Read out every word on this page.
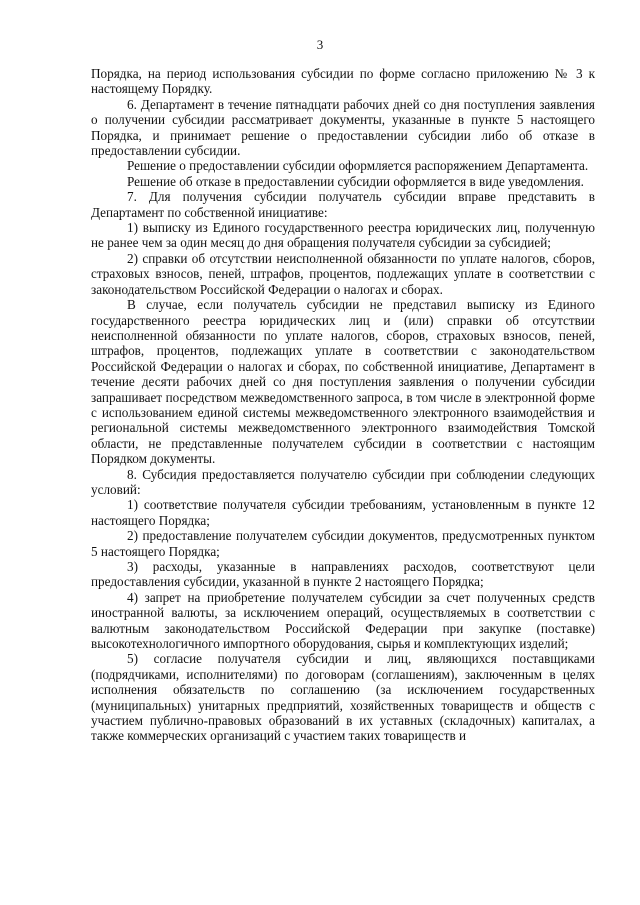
3

Порядка, на период использования субсидии по форме согласно приложению № 3 к настоящему Порядку.

6. Департамент в течение пятнадцати рабочих дней со дня поступления заявления о получении субсидии рассматривает документы, указанные в пункте 5 настоящего Порядка, и принимает решение о предоставлении субсидии либо об отказе в предоставлении субсидии.

Решение о предоставлении субсидии оформляется распоряжением Департамента.

Решение об отказе в предоставлении субсидии оформляется в виде уведомления.

7. Для получения субсидии получатель субсидии вправе представить в Департамент по собственной инициативе:

1) выписку из Единого государственного реестра юридических лиц, полученную не ранее чем за один месяц до дня обращения получателя субсидии за субсидией;

2) справки об отсутствии неисполненной обязанности по уплате налогов, сборов, страховых взносов, пеней, штрафов, процентов, подлежащих уплате в соответствии с законодательством Российской Федерации о налогах и сборах.

В случае, если получатель субсидии не представил выписку из Единого государственного реестра юридических лиц и (или) справки об отсутствии неисполненной обязанности по уплате налогов, сборов, страховых взносов, пеней, штрафов, процентов, подлежащих уплате в соответствии с законодательством Российской Федерации о налогах и сборах, по собственной инициативе, Департамент в течение десяти рабочих дней со дня поступления заявления о получении субсидии запрашивает посредством межведомственного запроса, в том числе в электронной форме с использованием единой системы межведомственного электронного взаимодействия и региональной системы межведомственного электронного взаимодействия Томской области, не представленные получателем субсидии в соответствии с настоящим Порядком документы.

8. Субсидия предоставляется получателю субсидии при соблюдении следующих условий:

1) соответствие получателя субсидии требованиям, установленным в пункте 12 настоящего Порядка;

2) предоставление получателем субсидии документов, предусмотренных пунктом 5 настоящего Порядка;

3) расходы, указанные в направлениях расходов, соответствуют цели предоставления субсидии, указанной в пункте 2 настоящего Порядка;

4) запрет на приобретение получателем субсидии за счет полученных средств иностранной валюты, за исключением операций, осуществляемых в соответствии с валютным законодательством Российской Федерации при закупке (поставке) высокотехнологичного импортного оборудования, сырья и комплектующих изделий;

5) согласие получателя субсидии и лиц, являющихся поставщиками (подрядчиками, исполнителями) по договорам (соглашениям), заключенным в целях исполнения обязательств по соглашению (за исключением государственных (муниципальных) унитарных предприятий, хозяйственных товариществ и обществ с участием публично-правовых образований в их уставных (складочных) капиталах, а также коммерческих организаций с участием таких товариществ и
